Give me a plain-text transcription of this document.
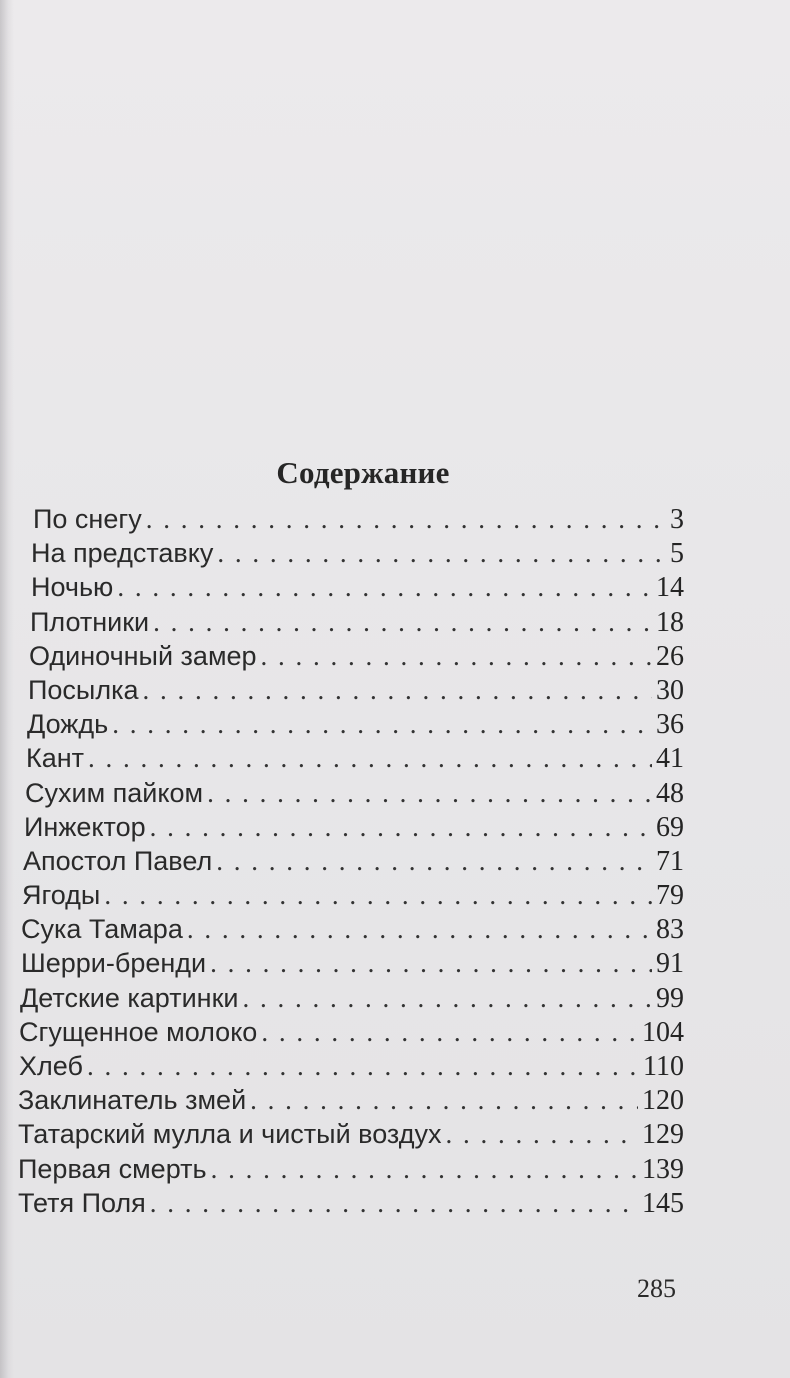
Содержание
По снегу . . .	3
На представку . . .	5
Ночью . . .	14
Плотники . . .	18
Одиночный замер . . .	26
Посылка . . .	30
Дождь . . .	36
Кант . . .	41
Сухим пайком . . .	48
Инжектор . . .	69
Апостол Павел . . .	71
Ягоды . . .	79
Сука Тамара . . .	83
Шерри-бренди . . .	91
Детские картинки . . .	99
Сгущенное молоко . . .	104
Хлеб . . .	110
Заклинатель змей . . .	120
Татарский мулла и чистый воздух . . .	129
Первая смерть . . .	139
Тетя Поля . . .	145
285
